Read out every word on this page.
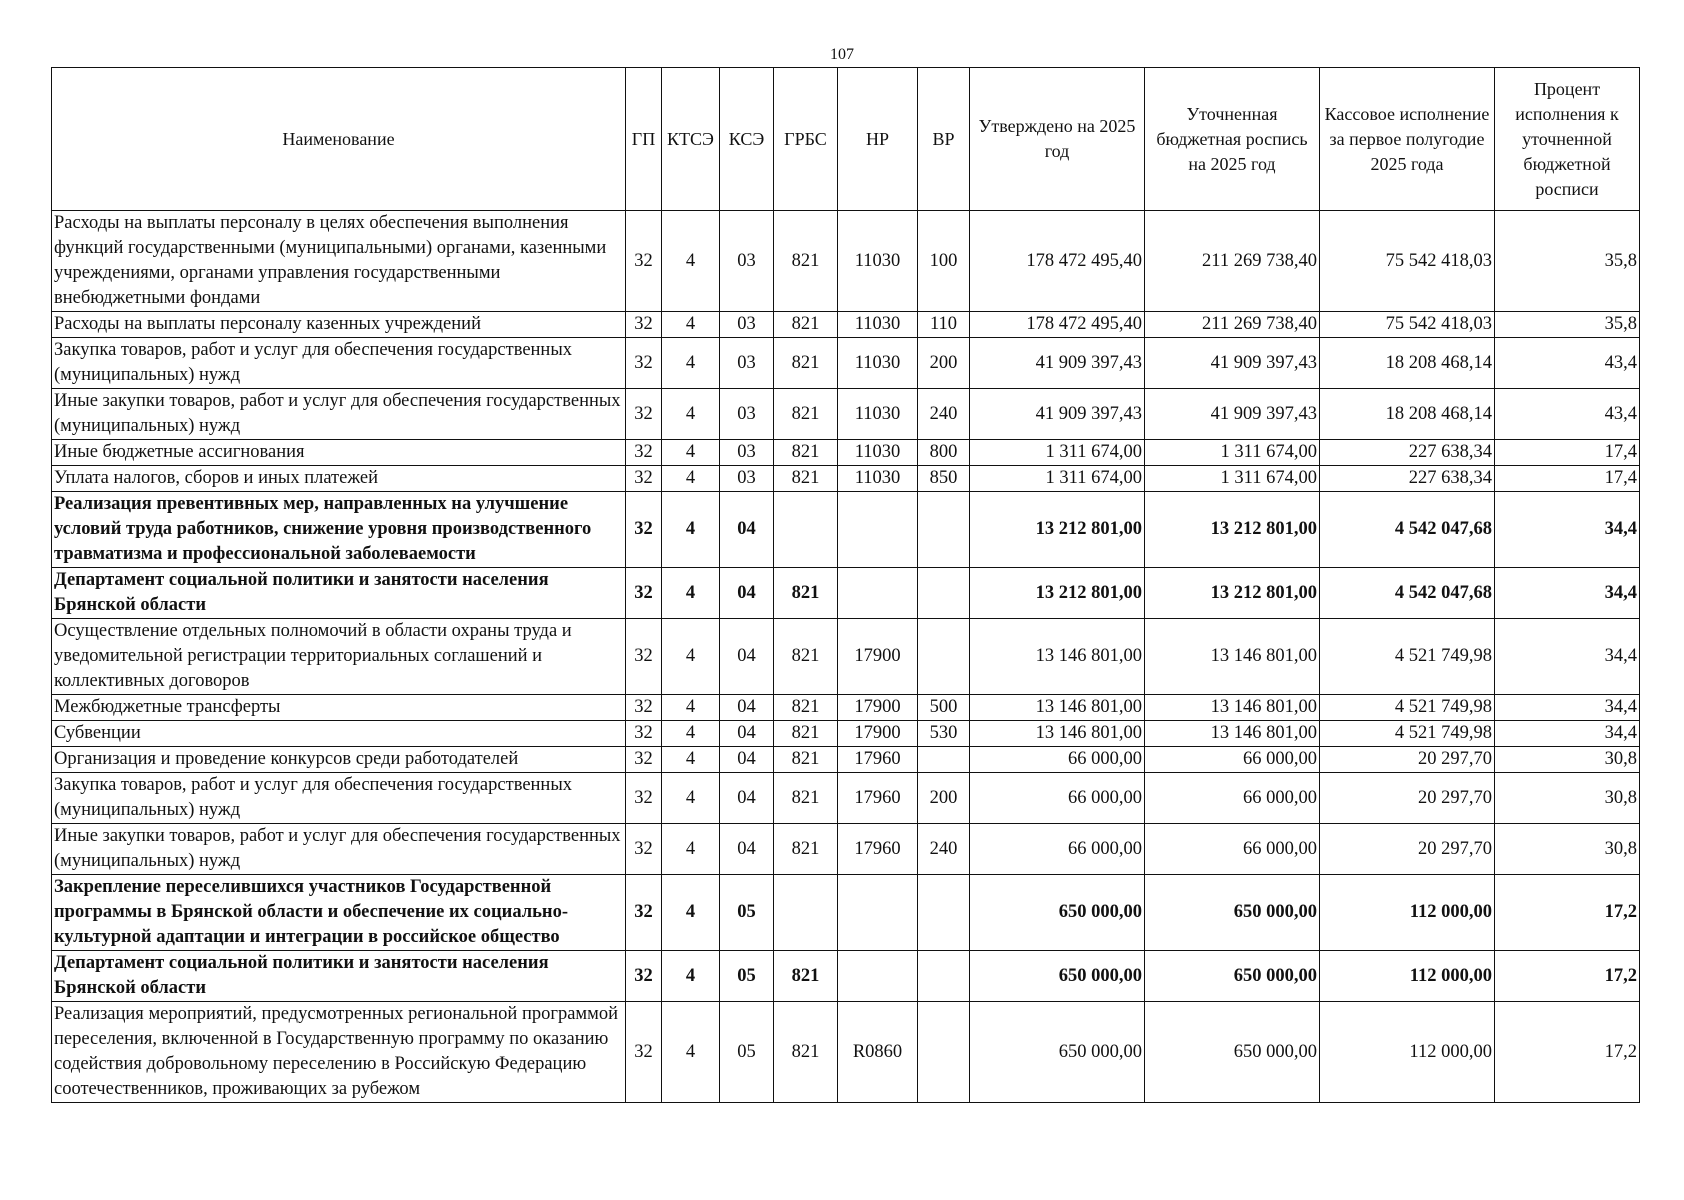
107
Наименование	ГП	КТСЭ	КСЭ	ГРБС	НР	ВР	Утверждено на 2025 год	Уточненная бюджетная роспись на 2025 год	Кассовое исполнение за первое полугодие 2025 года	Процент исполнения к уточненной бюджетной росписи
Расходы на выплаты персоналу в целях обеспечения выполнения функций государственными (муниципальными) органами, казенными учреждениями, органами управления государственными внебюджетными фондами	32	4	03	821	11030	100	178 472 495,40	211 269 738,40	75 542 418,03	35,8
Расходы на выплаты персоналу казенных учреждений	32	4	03	821	11030	110	178 472 495,40	211 269 738,40	75 542 418,03	35,8
Закупка товаров, работ и услуг для обеспечения государственных (муниципальных) нужд	32	4	03	821	11030	200	41 909 397,43	41 909 397,43	18 208 468,14	43,4
Иные закупки товаров, работ и услуг для обеспечения государственных (муниципальных) нужд	32	4	03	821	11030	240	41 909 397,43	41 909 397,43	18 208 468,14	43,4
Иные бюджетные ассигнования	32	4	03	821	11030	800	1 311 674,00	1 311 674,00	227 638,34	17,4
Уплата налогов, сборов и иных платежей	32	4	03	821	11030	850	1 311 674,00	1 311 674,00	227 638,34	17,4
Реализация превентивных мер, направленных на улучшение условий труда работников, снижение уровня производственного травматизма и профессиональной заболеваемости	32	4	04				13 212 801,00	13 212 801,00	4 542 047,68	34,4
Департамент социальной политики и занятости населения Брянской области	32	4	04	821			13 212 801,00	13 212 801,00	4 542 047,68	34,4
Осуществление отдельных полномочий в области охраны труда и уведомительной регистрации территориальных соглашений и коллективных договоров	32	4	04	821	17900		13 146 801,00	13 146 801,00	4 521 749,98	34,4
Межбюджетные трансферты	32	4	04	821	17900	500	13 146 801,00	13 146 801,00	4 521 749,98	34,4
Субвенции	32	4	04	821	17900	530	13 146 801,00	13 146 801,00	4 521 749,98	34,4
Организация и проведение конкурсов среди работодателей	32	4	04	821	17960		66 000,00	66 000,00	20 297,70	30,8
Закупка товаров, работ и услуг для обеспечения государственных (муниципальных) нужд	32	4	04	821	17960	200	66 000,00	66 000,00	20 297,70	30,8
Иные закупки товаров, работ и услуг для обеспечения государственных (муниципальных) нужд	32	4	04	821	17960	240	66 000,00	66 000,00	20 297,70	30,8
Закрепление переселившихся участников Государственной программы в Брянской области и обеспечение их социально-культурной адаптации и интеграции в российское общество	32	4	05				650 000,00	650 000,00	112 000,00	17,2
Департамент социальной политики и занятости населения Брянской области	32	4	05	821			650 000,00	650 000,00	112 000,00	17,2
Реализация мероприятий, предусмотренных региональной программой переселения, включенной в Государственную программу по оказанию содействия добровольному переселению в Российскую Федерацию соотечественников, проживающих за рубежом	32	4	05	821	R0860		650 000,00	650 000,00	112 000,00	17,2
